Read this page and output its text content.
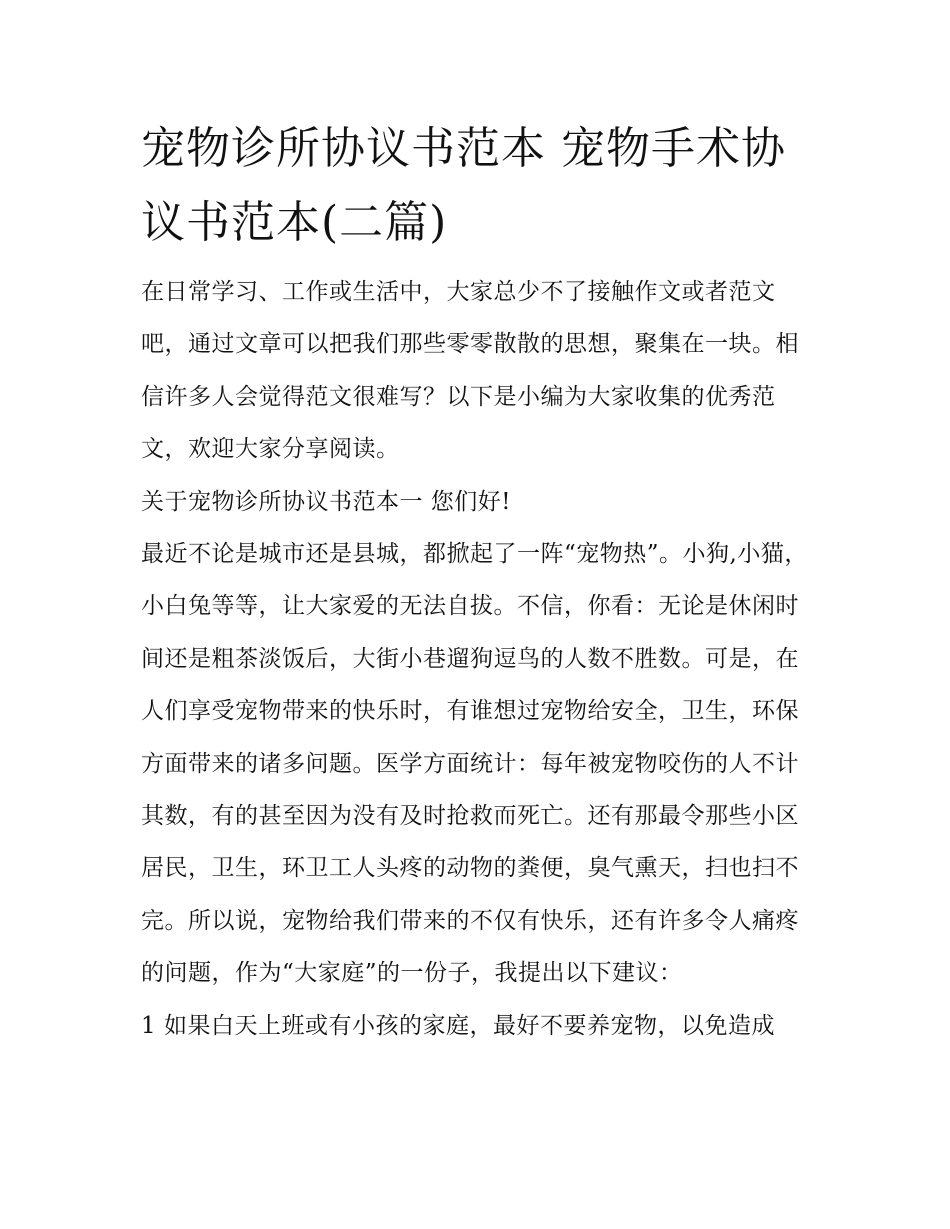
宠物诊所协议书范本 宠物手术协议书范本(二篇)

在日常学习、工作或生活中，大家总少不了接触作文或者范文吧，通过文章可以把我们那些零零散散的思想，聚集在一块。相信许多人会觉得范文很难写？以下是小编为大家收集的优秀范文，欢迎大家分享阅读。

关于宠物诊所协议书范本一 您们好!

最近不论是城市还是县城，都掀起了一阵“宠物热”。小狗,小猫，小白兔等等，让大家爱的无法自拔。不信，你看：无论是休闲时间还是粗茶淡饭后，大街小巷遛狗逗鸟的人数不胜数。可是，在人们享受宠物带来的快乐时，有谁想过宠物给安全，卫生，环保方面带来的诸多问题。医学方面统计：每年被宠物咬伤的人不计其数，有的甚至因为没有及时抢救而死亡。还有那最令那些小区居民，卫生，环卫工人头疼的动物的粪便，臭气熏天，扫也扫不完。所以说，宠物给我们带来的不仅有快乐，还有许多令人痛疼的问题，作为“大家庭”的一份子，我提出以下建议：

1 如果白天上班或有小孩的家庭，最好不要养宠物，以免造成
